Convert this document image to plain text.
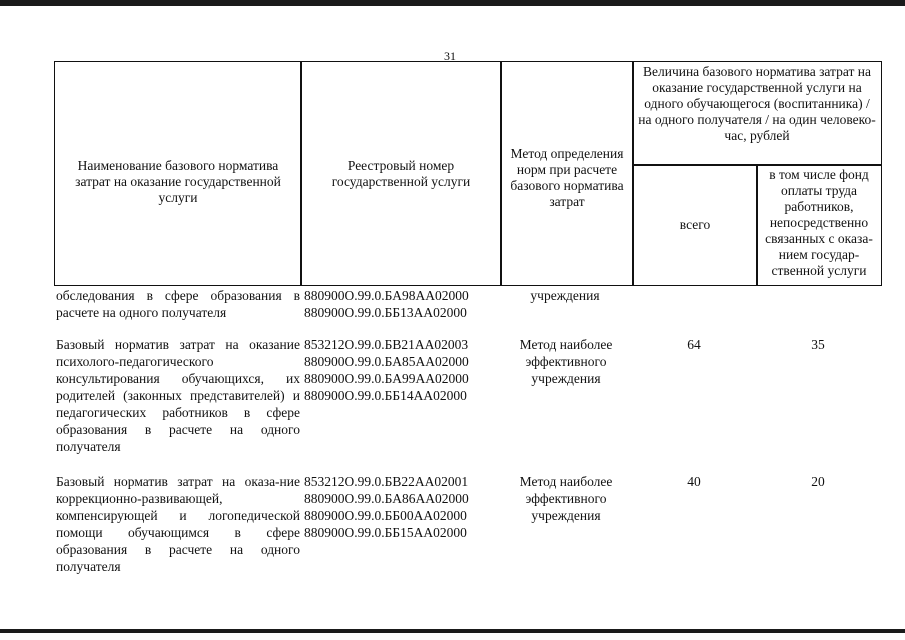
31
Наименование базового норматива затрат на оказание государственной услуги
Реестровый номер государственной услуги
Метод определения норм при расчете базового норматива затрат
Величина базового норматива затрат на оказание государственной услуги на одного обучающегося (воспитанника) / на одного получателя / на один человеко-час, рублей
всего
в том числе фонд оплаты труда работников, непосредственно связанных с оказа-нием государ-ственной услуги
обследования в сфере образования в расчете на одного получателя
880900О.99.0.БА98АА02000
880900О.99.0.ББ13АА02000
учреждения
Базовый норматив затрат на оказание психолого-педагогического консультирования обучающихся, их родителей (законных представителей) и педагогических работников в сфере образования в расчете на одного получателя
853212О.99.0.БВ21АА02003
880900О.99.0.БА85АА02000
880900О.99.0.БА99АА02000
880900О.99.0.ББ14АА02000
Метод наиболее эффективного учреждения
64	35
Базовый норматив затрат на оказа-ние коррекционно-развивающей, компенсирующей и логопедической помощи обучающимся в сфере образования в расчете на одного получателя
853212О.99.0.БВ22АА02001
880900О.99.0.БА86АА02000
880900О.99.0.ББ00АА02000
880900О.99.0.ББ15АА02000
Метод наиболее эффективного учреждения
40	20
